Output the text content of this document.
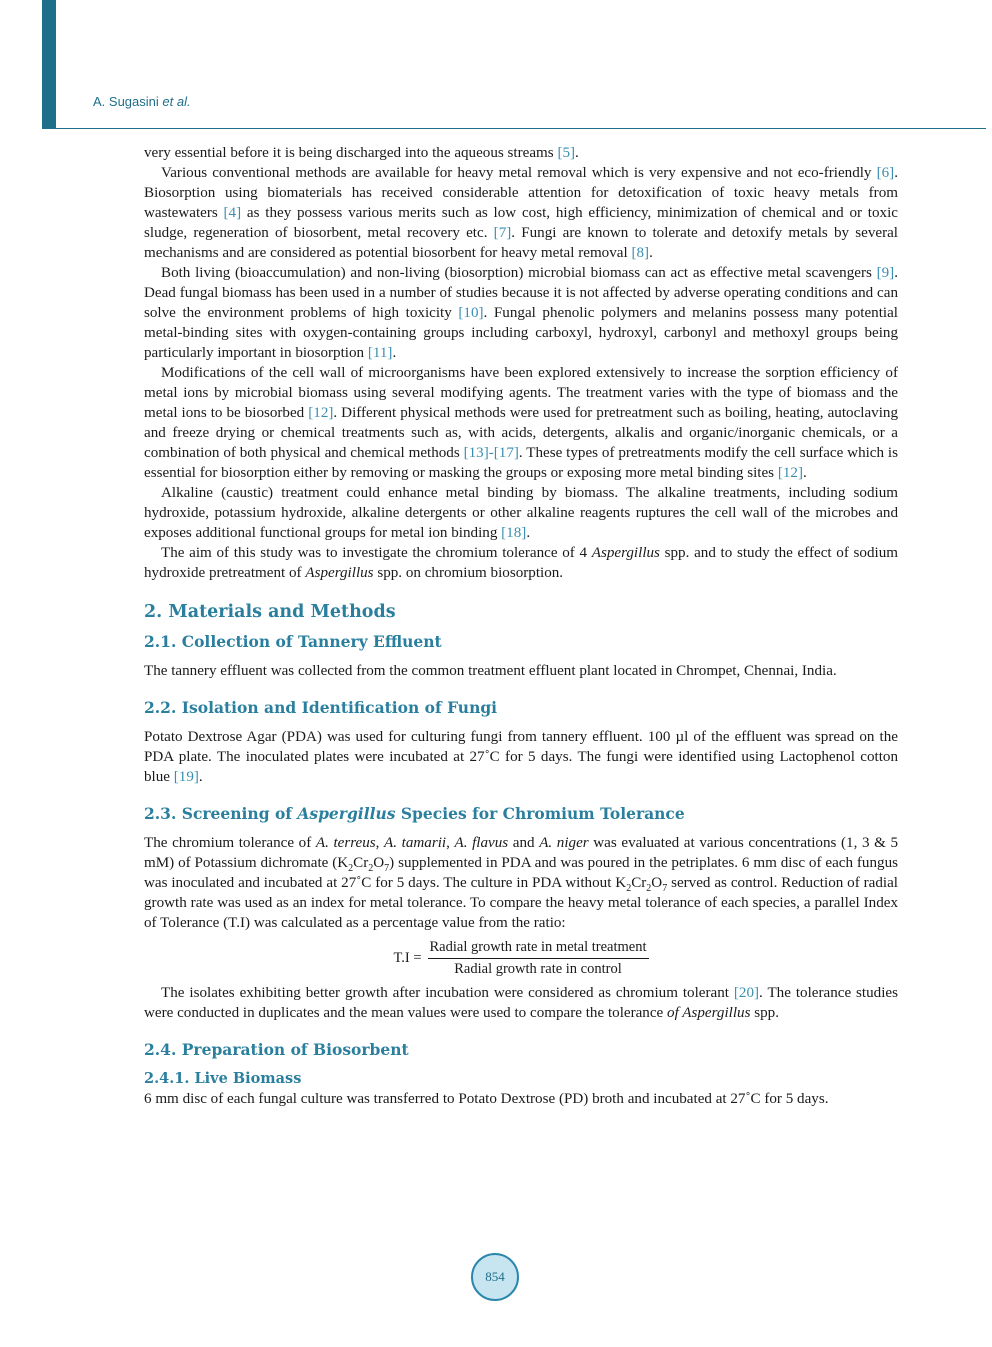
A. Sugasini et al.

very essential before it is being discharged into the aqueous streams [5].

Various conventional methods are available for heavy metal removal which is very expensive and not eco-friendly [6]. Biosorption using biomaterials has received considerable attention for detoxification of toxic heavy metals from wastewaters [4] as they possess various merits such as low cost, high efficiency, minimization of chemical and or toxic sludge, regeneration of biosorbent, metal recovery etc. [7]. Fungi are known to tolerate and detoxify metals by several mechanisms and are considered as potential biosorbent for heavy metal removal [8].

Both living (bioaccumulation) and non-living (biosorption) microbial biomass can act as effective metal scavengers [9]. Dead fungal biomass has been used in a number of studies because it is not affected by adverse operating conditions and can solve the environment problems of high toxicity [10]. Fungal phenolic polymers and melanins possess many potential metal-binding sites with oxygen-containing groups including carboxyl, hydroxyl, carbonyl and methoxyl groups being particularly important in biosorption [11].

Modifications of the cell wall of microorganisms have been explored extensively to increase the sorption efficiency of metal ions by microbial biomass using several modifying agents. The treatment varies with the type of biomass and the metal ions to be biosorbed [12]. Different physical methods were used for pretreatment such as boiling, heating, autoclaving and freeze drying or chemical treatments such as, with acids, detergents, alkalis and organic/inorganic chemicals, or a combination of both physical and chemical methods [13]-[17]. These types of pretreatments modify the cell surface which is essential for biosorption either by removing or masking the groups or exposing more metal binding sites [12].

Alkaline (caustic) treatment could enhance metal binding by biomass. The alkaline treatments, including sodium hydroxide, potassium hydroxide, alkaline detergents or other alkaline reagents ruptures the cell wall of the microbes and exposes additional functional groups for metal ion binding [18].

The aim of this study was to investigate the chromium tolerance of 4 Aspergillus spp. and to study the effect of sodium hydroxide pretreatment of Aspergillus spp. on chromium biosorption.

2. Materials and Methods
2.1. Collection of Tannery Effluent

The tannery effluent was collected from the common treatment effluent plant located in Chrompet, Chennai, India.

2.2. Isolation and Identification of Fungi

Potato Dextrose Agar (PDA) was used for culturing fungi from tannery effluent. 100 µl of the effluent was spread on the PDA plate. The inoculated plates were incubated at 27˚C for 5 days. The fungi were identified using Lactophenol cotton blue [19].

2.3. Screening of Aspergillus Species for Chromium Tolerance

The chromium tolerance of A. terreus, A. tamarii, A. flavus and A. niger was evaluated at various concentrations (1, 3 & 5 mM) of Potassium dichromate $(K_2Cr_2O_7)$ supplemented in PDA and was poured in the petriplates. 6 mm disc of each fungus was inoculated and incubated at 27˚C for 5 days. The culture in PDA without $K_2Cr_2O_7$ served as control. Reduction of radial growth rate was used as an index for metal tolerance. To compare the heavy metal tolerance of each species, a parallel Index of Tolerance (T.I) was calculated as a percentage value from the ratio:

$T.I = \frac{\text{Radial growth rate in metal treatment}}{\text{Radial growth rate in control}}$

The isolates exhibiting better growth after incubation were considered as chromium tolerant [20]. The tolerance studies were conducted in duplicates and the mean values were used to compare the tolerance of Aspergillus spp.

2.4. Preparation of Biosorbent
2.4.1. Live Biomass

6 mm disc of each fungal culture was transferred to Potato Dextrose (PD) broth and incubated at 27˚C for 5 days.

854
